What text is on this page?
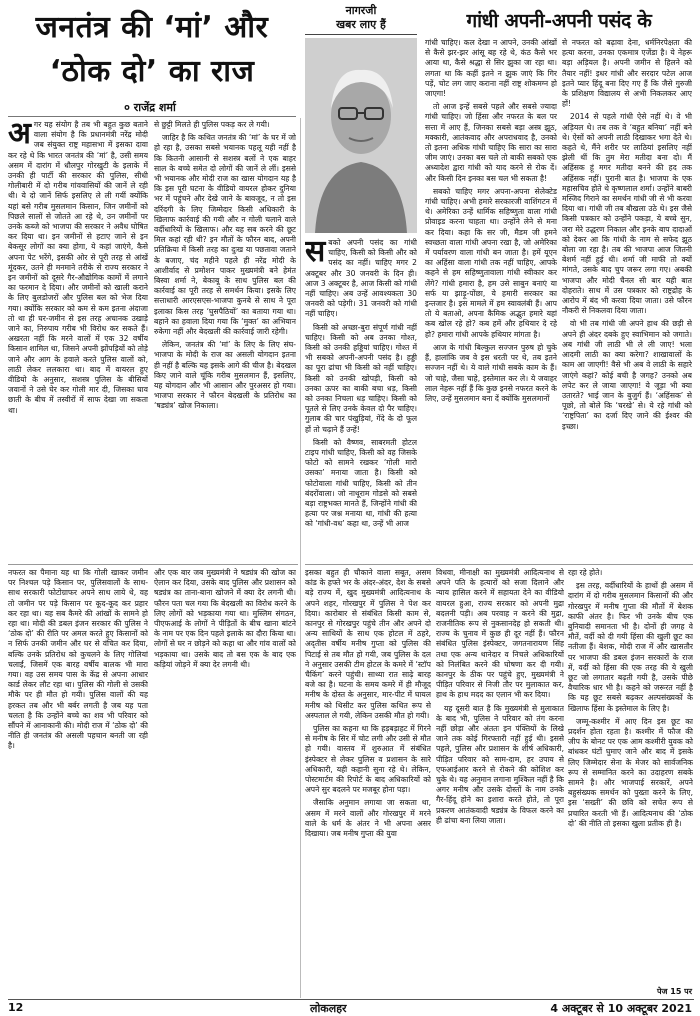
जनतंत्र की ‘मां’ और
‘ठोक दो’ का राज
० राजेंद्र शर्मा

अगर यह संयोग है तब भी बहुत कुछ बताने वाला संयोग है कि प्रधानमंत्री नरेंद्र मोदी जब संयुक्त राष्ट्र महासभा में इसका दावा कर रहे थे कि भारत जनतंत्र की ‘मां’ है, उसी समय असम में दारांग में धौलपुर गोरखुटी के इलाके में उनकी ही पार्टी की सरकार की पुलिस, सीधी गोलीबारी में दो गरीब गांववासियों की जानें ले रही थी। ये दो जानें सिर्फ इसलिए ले ली गयीं क्योंकि यहां बसे गरीब मुसलमान किसान, जिन जमीनों को पिछले सालों से जोतते आ रहे थे, उन जमीनों पर उनके कब्जे को भाजपा की सरकार ने अवैध घोषित कर दिया था। इन जमीनों से हटाए जाने से इन बेकसूर लोगों का क्या होगा, ये कहां जाएंगे, कैसे अपना पेट भरेंगे, इसकी ओर से पूरी तरह से आंखें मूंदकर, उतने ही मनमाने तरीके से राज्य सरकार ने इन जमीनों को दूसरे गैर-औद्योगिक कामों में लगाने का फरमान दे दिया। और जमीनों को खाली कराने के लिए बुलडोजरों और पुलिस बल को भेज दिया गया। क्योंकि सरकार को कम से कम इतना अंदाजा तो था ही घर-जमीन से इस तरह अचानक उखाड़े जाने का, निरुपाय गरीब भी विरोध कर सकते हैं। अखरता नहीं कि मरने वालों में एक 32 वर्षीय किसान शामिल था, जिसने अपनी झोंपड़ियों को तोड़े जाने और आग के हवाले करते पुलिस वालों को, लाठी लेकर ललकारा था। बाद में वायरल हुए वीडियो के अनुसार, सशस्त्र पुलिस के बीसियों जवानों ने उसे घेर कर गोली मार दी, जिसका घाव छाती के बीच में तस्वीरों में साफ देखा जा सकता था।

से छुट्टी मिलते ही पुलिस पकड़ कर ले गयी।

जाहिर है कि कथित जनतंत्र की ‘मां’ के घर में जो हो रहा है, उसका सबसे भयानक पहलू यही नहीं है कि कितनी आसानी से सशस्त्र बलों ने एक बाहर साल के बच्चे समेत दो लोगों की जानें ले लीं। इससे भी भयानक और मोदी राज का खास योगदान यह है कि इस पूरी घटना के वीडियो वायरल होकर दुनिया भर में पहुंचने और देखे जाने के बावजूद, न तो इस दरिंदगी के लिए जिम्मेदार किसी अधिकारी के खिलाफ कार्रवाई की गयी और न गोली चलाने वाले वर्दीधारियों के खिलाफ। और यह सब करने की छूट मिल कहां रही थी? इन मौतों के फौरन बाद, अपनी प्रतिक्रिया में किसी तरह का दुःख या पछतावा जताने के बजाए, चंद महीने पहले ही नरेंद्र मोदी के आशीर्वाद से प्रमोशन पाकर मुख्यमंत्री बने हेमंत बिस्वा शर्मा ने, बेकाबू के साथ पुलिस बल की कार्रवाई का पूरी तरह से समर्थन किया। इसके लिए सत्ताधारी आरएसएस-भाजपा कुनबे से साथ ने पूरा इलाका किस तरह ‘घुसपैठियों’ का बताया गया था। बहाने का हवाला दिया गया कि ‘मुक्त’ का अभियान रुकेगा नहीं और बेदखली की कार्रवाई जारी रहेगी।

लेकिन, जनतंत्र की ‘मां’ के लिए के लिए संघ-भाजपा के मोदी के राज का असली योगदान इतना ही नहीं है बल्कि यह इसके आगे की चीज है। बेदखल किए जाने वाले चूंकि गरीब मुसलमान हैं, इसलिए, यह योगदान और भी आसान और पुरअसर हो गया। भाजपा सरकार ने फौरन बेदखली के प्रतिरोध का ‘षड्यंत्र’ खोज निकाला।

नफरत का पैमाना यह था कि गोली खाकर जमीन पर निश्चल पड़े किसान पर, पुलिसवालों के साथ-साथ सरकारी फोटोग्राफर अपने साथ लाये थे, वह तो जमीन पर पड़े किसान पर कूद-कूद कर प्रहार कर रहा था। यह सब कैमरे की आंखों के सामने हो रहा था। मोदी की डबल इंजन सरकार की पुलिस ने ‘ठोक दो’ की रीति पर अमल करते हुए किसानों को न सिर्फ उनकी जमीन और घर से वंचित कर दिया, बल्कि उनके प्रतिरोध को कुचलने के लिए गोलियां चलाईं, जिसमें एक बारह वर्षीय बालक भी मारा गया। वह उस समय पास के केंद्र से अपना आधार कार्ड लेकर लौट रहा था। पुलिस की गोली से उसकी मौके पर ही मौत हो गयी। पुलिस वालों की यह हरकत तब और भी बर्बर लगती है जब यह पता चलता है कि उन्होंने बच्चे का शव भी परिवार को सौंपने में आनाकानी की। मोदी राज में ‘ठोक दो’ की नीति ही जनतंत्र की असली पहचान बनती जा रही है।

और एक बार जब मुख्यमंत्री ने षड्यंत्र की खोज का ऐलान कर दिया, उसके बाद पुलिस और प्रशासन को षड्यंत्र का ताना-बाना खोजने में क्या देर लगनी थी। फौरन पता चल गया कि बेदखली का विरोध करने के लिए लोगों को भड़काया गया था। मुस्लिम संगठन, पीएफआई के लोगों ने पीड़ितों के बीच खाना बांटने के नाम पर एक दिन पहले इलाके का दौरा किया था। लोगों से घर न छोड़ने को कहा था और गांव वालों को भड़काया था। उसके बाद तो बस एक के बाद एक कड़ियां जोड़ने में क्या देर लगनी थी।

नागरजी
खबर लाए हैं

सबको अपनी पसंद का गांधी चाहिए, किसी को किसी और को पसंद का नहीं। चाहिए मगर 2 अक्टूबर और 30 जनवरी के दिन ही। आज 3 अक्टूबर है, आज किसी को गांधी नहीं चाहिए। अब उन्हें आवश्यकता 30 जनवरी को पड़ेगी। 31 जनवरी को गांधी नहीं चाहिए।

किसी को अच्छा-बुरा संपूर्ण गांधी नहीं चाहिए। किसी को अब उनका गोश्त, किसी को उनकी हड्डियां चाहिए। गोश्त में भी सबको अपनी-अपनी पसंद है। हड्डी का पूरा ढांचा भी किसी को नहीं चाहिए। किसी को उनकी खोपड़ी, किसी को उनका ऊपर का बाकी बचा धड़, किसी को उनका निचला धड़ चाहिए। किसी को पूतले से लिए उनके केवल दो पैर चाहिए। गुलाब की चार पंखुड़ियां, गेंदे के दो फूल हों तो चढ़ाने हैं उन्हें!

किसी को वैष्णव, साबरमती होटल टाइप गांधी चाहिए, किसी को वह जिसके फोटो को सामने रखकर ‘गोली मारो उसका’ मनाया जाता है। किसी को फोटोवाला गांधी चाहिए, किसी को तीन बंदरोंवाला। जो नाथूराम गोडसे को सबसे बड़ा राष्ट्रभक्त मानते हैं, जिन्होंने गांधी की हत्या पर जश्न मनाया था, गांधी की हत्या को ‘गांधी-वध’ कहा था, उन्हें भी आज

गांधी अपनी-अपनी पसंद के

गांधी चाहिए। कल देखा न आपने, उनकी आंखों से कैसे झर-झर आंसू बह रहे थे, कंठ कैसे भर आया था, कैसे श्रद्धा से सिर झुका जा रहा था। लगता था कि कहीं इतने न झुक जाएं कि गिर पड़ें, चोट लग जाए कराना नहीं राष्ट्र शोकमग्न हो जाएगा!

तो आज इन्हें सबसे पहले और सबसे ज्यादा गांधी चाहिए। जो हिंसा और नफरत के बल पर सत्ता में आए हैं, जिनका सबसे बड़ा अस्त्र झूठ, मक्कारी, आतंकवाद और अपराधवाद है, उनको तो इतना अधिक गांधी चाहिए कि सारा का सारा जीम जाएं। उनका बस चले तो बाकी सबको एक अध्यादेश द्वारा गांधी को याद करने से रोक दें। और किसी दिन इनका बस चल भी सकता है!

सबको चाहिए मगर अपना-अपना सेलेक्टेड गांधी चाहिए। अभी हमारे सरकारजी वाशिंगटन में थे। अमेरिका उन्हें धार्मिक सहिष्णुता वाला गांधी प्रोवाइड करना चाहता था। उन्होंने लेने से मना कर दिया। कहा कि सर जी, मैडम जी हमने स्वच्छता वाला गांधी अपना रखा है, जो अमेरिका में पर्यावरण वाला गांधी बन जाता है। हमें यूएन का अहिंसा वाला गांधी तक नहीं चाहिए, आपके कहने से हम सहिष्णुतावाला गांधी स्वीकार कर लेंगे? गांधी हमारा है, हम उसे साबुन बनाएं या सर्फ या झाड़ू-पोंछा, ये हमारी सरकार का इन्तजार है। इस मामले में हम स्वावलंबी हैं। आप तो ये बताओ, अपना कैमिक अद्भुत हमारे यहां कब खोल रहे हो? कब हमें और हथियार दे रहे हो? हमारा गांधी आपके हथियार मांगता है।

आज के गांधी बिल्कुल सज्जन पुरुष हो चुके हैं, हालांकि जब वे इस धरती पर थे, तब इतने सज्जन नहीं थे। ये वाले गांधी सबके काम के हैं। जो चाहे, जैसा चाहे, इस्तेमाल कर ले। ये जवाहर लाल नेहरू नहीं हैं कि कुछ इनसे नफरत करने के लिए, उन्हें मुसलमान बना दें क्योंकि मुसलमानों

से नफरत को बढ़ावा देना, धर्मनिरपेक्षता की हत्या करना, उनका एकमात्र एजेंडा है। ये नेहरू बड़ा अड़ियल है। अपनी जमीन से हिलने को तैयार नहीं! इधर गांधी और सरदार पटेल आज इतने प्यार हिंदू बना दिए गए हैं कि जैसे गुरुजी के प्रशिक्षण विद्यालय से अभी निकलकर आए हों!

2014 से पहले गांधी ऐसे नहीं थे। वे भी अड़ियल थे। तब तक वे ‘बहुत बनिया’ नहीं बने थे। ऐसों को अपनी लाठी दिखाकर भगा देते थे। कहते थे, मैंने शरीर पर लाठियां इसलिए नहीं झेली थीं कि तुम मेरा मतीदा बना दो। मैं अहिंसक हूं मगर मतीदा बनने की हद तक अहिंसक नहीं। पुरानी बात है। भाजपा के एक महासचिव होते थे कृष्णलाल शर्मा। उन्होंने बाबरी मस्जिद गिराने का समर्थन गांधी जी से भी करवा दिया था। गांधी जी तब बौखला उठे थे। इस जैसे किसी पत्रकार को उन्होंने पकड़ा, ये बच्चे सुन, जरा मेरे उद्धरण निकाल और इनके बाप दादाओं को देकर आ कि गांधी के नाम से सफेद झूठ बोला जा रहा है। तब की भाजपा आज जितनी बेशर्म नहीं हुई थी। शर्मा जी माफी तो क्यों मांगते, उसके बाद चुप जरूर लगा गए। अबकी भाजपा और मोदी चैनल सी बार यही बात दोहराते। साथ में उस पत्रकार को राष्ट्रद्रोह के आरोप में बंद भी करवा दिया जाता। उसे फौरन नौकरी से निकलवा दिया जाता।

वो भी तब गांधी जी अपने हाथ की छड़ी से अपने ही अंदर दबके हुए स्वाभिमान को जगाते। अब गांधी जी लाठी भी ले ली जाए! भला आदमी लाठी का क्या करेगा? शाखावालों के काम आ जाएगी! वैसे भी अब वे लाठी के सहारे जाएंगे कहां? कोई बची है जगह? उनको अब लपेट कर ले जाया जाएगा! ये जूड़ा भी क्या उतारते? भाई जान के बुजुर्ग हैं। ‘अहिंसक’ से पूछो, तो बोले कि ‘चरखे’ से। ये रहे गांधी को ‘राष्ट्रपिता’ का दर्जा दिए जाने की ईश्वर की इच्छा।

इसका बहुत ही चौकाने वाला सबूत, असम कांड के हफ्ते भर के अंदर-अंदर, देश के सबसे बड़े राज्य में, खुद मुख्यमंत्री आदित्यनाथ के अपने शहर, गोरखपुर में पुलिस ने पेश कर दिया। कारोबार से संबंधित किसी काम से, कानपुर से गोरखपुर पहुंचे तीन और अपने दो अन्य साथियों के साथ एक होटल में ठहरे, अद्तीस वर्षीय मनीष गुप्ता को पुलिस की पिटाई से तब मौत हो गयी, जब पुलिस के दल ने अनुसार उसकी टीम होटल के कमरे में ‘स्टॉप चैकिंग’ करने पहुंची। साथ्या रात साढ़े बारह बजे का है। घटना के समय कमरे में ही मौजूद मनीष के दोस्त के अनुसार, मार-पीट में घायल मनीष को थिसीट कर पुलिस कथित रूप से अस्पताल ले गयी, लेकिन उसकी मौत हो गयी।

पुलिस का कहना था कि हड़बड़ाहट में गिरने से मनीष के सिर में चोट लगी और उसी से मौत हो गयी। वास्तव में शुरुआत में संबंधित इंस्पेक्टर से लेकर पुलिस व प्रशासन के सारे अधिकारी, यही कहानी सुना रहे थे। लेकिन, पोस्टमार्टम की रिपोर्ट के बाद अधिकारियों को अपने सुर बदलने पर मजबूर होना पड़ा।

जैसाकि अनुमान लगाया जा सकता था, असम में मरने वालों और गोरखपुर में मरने वाले के धर्म के अंतर ने भी अपना असर दिखाया। जब मनीष गुप्ता की युवा

विधवा, मीनाक्षी का मुख्यमंत्री आदित्यनाथ से अपने पति के हत्यारों को सजा दिलाने और न्याय हासिल करने में सहायता देने का वीडियो वायरल हुआ, राज्य सरकार को अपनी मुद्रा बदलनी पड़ी। अब परवाह न करने की मुद्रा, राजनीतिक रूप से नुकसानदेह हो सकती थी। राज्य के चुनाव में कुछ ही दूर नहीं हैं। फौरन संबंधित पुलिस इंस्पेक्टर, जगतनारायण सिंह तथा एक अन्य थानेदार व निचले अधिकारियों को निलंबित करने की घोषणा कर दी गयी। कानपुर के ठीक पर पहुंचे हुए, मुख्यमंत्री ने पीड़ित परिवार से निजी तौर पर मुलाकात कर, हाथ के हाथ मदद का एलान भी कर दिया।

यह दूसरी बात है कि मुख्यमंत्री से मुलाकात के बाद भी, पुलिस ने परिवार को तंग करना नहीं छोड़ा और अंततः इन पंक्तियों के लिखे जाने तक कोई गिरफ्तारी नहीं हुई थी। इससे पहले, पुलिस और प्रशासन के शीर्ष अधिकारी, पीड़ित परिवार को साम-दाम, हर उपाय से एफआईआर करने से रोकने की कोशिश कर चुके थे। यह अनुमान लगाना मुश्किल नहीं है कि अगर मनीष और उसके दोस्तों के नाम उनके गैर-हिंदू होने का इशारा करते होते, तो पूरा प्रकरण आतंकवादी षड्यंत्र के विफल करने का ही ढांचा बना लिया जाता।

रहा रहे होते।

इस तरह, वर्दीधारियों के हाथों ही असम में दारांग में दो गरीब मुसलमान किसानों की और गोरखपुर में मनीष गुप्ता की मौतों में बेशक काफी अंतर है। फिर भी उनके बीच एक बुनियादी समानता भी है। दोनों ही जगह वे मौतें, वर्दी को दी गयी हिंसा की खुली छूट का नतीजा हैं। बेशक, मोदी राज में और खासतौर पर भाजपा की डबल इंजन सरकारों के राज में, वर्दी को हिंसा की एक तरह की ये खुली छूट जो लगातार बढ़ती गयी है, उसके पीछे वैचारिक धार भी है। कहने को जरूरत नहीं है कि यह छूट सबसे बढ़कर अल्पसंख्यकों के खिलाफ हिंसा के इस्तेमाल के लिए है।

जम्मू-कश्मीर में आए दिन इस छूट का प्रदर्शन होता रहता है। कश्मीर में फौज की जीप के बोनट पर एक आम कश्मीरी युवक को बांधकर घंटों घुमाए जाने और बाद में इसके लिए जिम्मेदार सेना के मेजर को सार्वजनिक रूप से सम्मानित करने का उदाहरण सबके सामने है। और भाजपाई सरकारें, अपने बहुसंख्यक समर्थन को पुख्ता करने के लिए, इस ‘सख्ती’ की छवि को सचेत रूप से प्रचारित करती भी हैं। आदित्यनाथ की ‘ठोक दो’ की नीति तो इसका खुला प्रतीक ही है।

पेज 15 पर
12	लोकलहर	4 अक्टूबर से 10 अक्टूबर 2021
